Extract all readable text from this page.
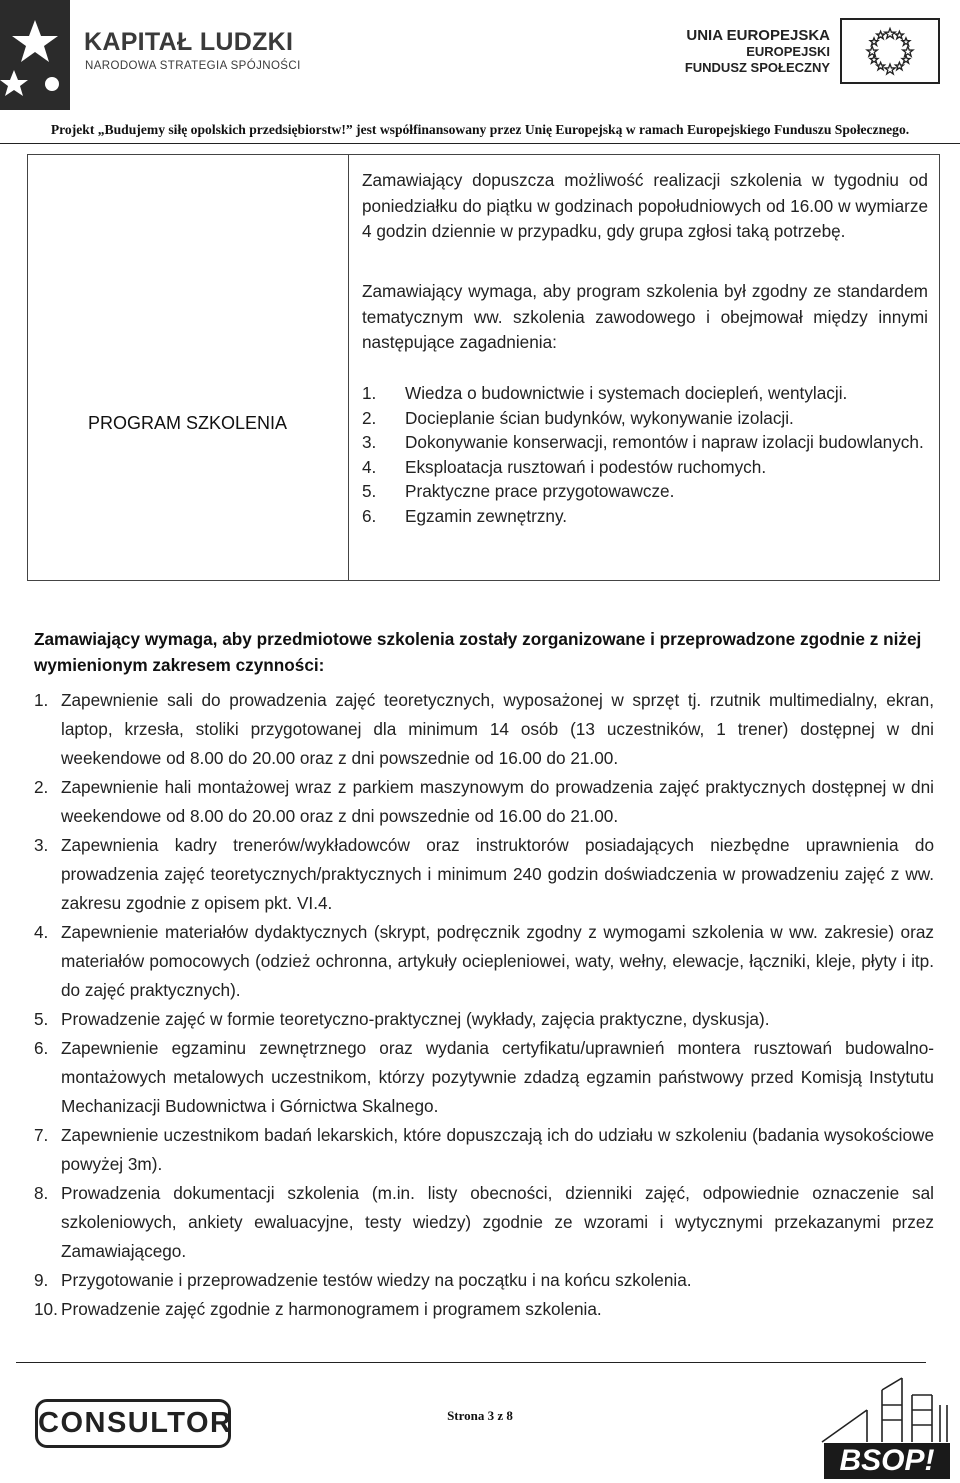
KAPITAŁ LUDZKI
NARODOWA STRATEGIA SPÓJNOŚCI
UNIA EUROPEJSKA
EUROPEJSKI
FUNDUSZ SPOŁECZNY
Projekt „Budujemy siłę opolskich przedsiębiorstw!” jest współfinansowany przez Unię Europejską w ramach Europejskiegо Funduszu Społecznego.
PROGRAM SZKOLENIA
Zamawiający dopuszcza możliwość realizacji szkolenia w tygodniu od poniedziałku do piątku w godzinach popołudniowych od 16.00 w wymiarze 4 godzin dziennie w przypadku, gdy grupa zgłosi taką potrzebę.
Zamawiający wymaga, aby program szkolenia był zgodny ze standardem tematycznym ww. szkolenia zawodowego i obejmował między innymi następujące zagadnienia:
1. Wiedza o budownictwie i systemach dociepleń, wentylacji.
2. Docieplanie ścian budynków, wykonywanie izolacji.
3. Dokonywanie konserwacji, remontów i napraw izolacji budowlanych.
4. Eksploatacja rusztowań i podestów ruchomych.
5. Praktyczne prace przygotowawcze.
6. Egzamin zewnętrzny.
Zamawiający wymaga, aby przedmiotowe szkolenia zostały zorganizowane i przeprowadzone zgodnie z niżej wymienionym zakresem czynności:
1. Zapewnienie sali do prowadzenia zajęć teoretycznych, wyposażonej w sprzęt tj. rzutnik multimedialny, ekran, laptop, krzesła, stoliki przygotowanej dla minimum 14 osób (13 uczestników, 1 trener) dostępnej w dni weekendowe od 8.00 do 20.00 oraz z dni powszednie od 16.00 do 21.00.
2. Zapewnienie hali montażowej wraz z parkiem maszynowym do prowadzenia zajęć praktycznych dostępnej w dni weekendowe od 8.00 do 20.00 oraz z dni powszednie od 16.00 do 21.00.
3. Zapewnienia kadry trenerów/wykładowców oraz instruktorów posiadających niezbędne uprawnienia do prowadzenia zajęć teoretycznych/praktycznych i minimum 240 godzin doświadczenia w prowadzeniu zajęć z ww. zakresu zgodnie z opisem pkt. VI.4.
4. Zapewnienie materiałów dydaktycznych (skrypt, podręcznik zgodny z wymogami szkolenia w ww. zakresie) oraz materiałów pomocowych (odzież ochronna, artykuły ocieplenioweі, waty, wełny, elewacje, łączniki, kleje, płyty i itp. do zajęć praktycznych).
5. Prowadzenie zajęć w formie teoretyczno-praktycznej (wykłady, zajęcia praktyczne, dyskusja).
6. Zapewnienie egzaminu zewnętrznego oraz wydania certyfikatu/uprawnień montera rusztowań budowalno-montażowych metalowych uczestnikom, którzy pozytywnie zdadzą egzamin państwowy przed Komisją Instytutu Mechanizacji Budownictwa i Górnictwa Skalnego.
7. Zapewnienie uczestnikom badań lekarskich, które dopuszczają ich do udziału w szkoleniu (badania wysokościowe powyżej 3m).
8. Prowadzenia dokumentacji szkolenia (m.in. listy obecności, dzienniki zajęć, odpowiednie oznaczenie sal szkoleniowych, ankiety ewaluacyjne, testy wiedzy) zgodnie ze wzorami i wytycznymi przekazanymi przez Zamawiającego.
9. Przygotowanie i przeprowadzenie testów wiedzy na początku i na końcu szkolenia.
10. Prowadzenie zajęć zgodnie z harmonogramem i programem szkolenia.
CONSULTOR	Strona 3 z 8
BSOP!
